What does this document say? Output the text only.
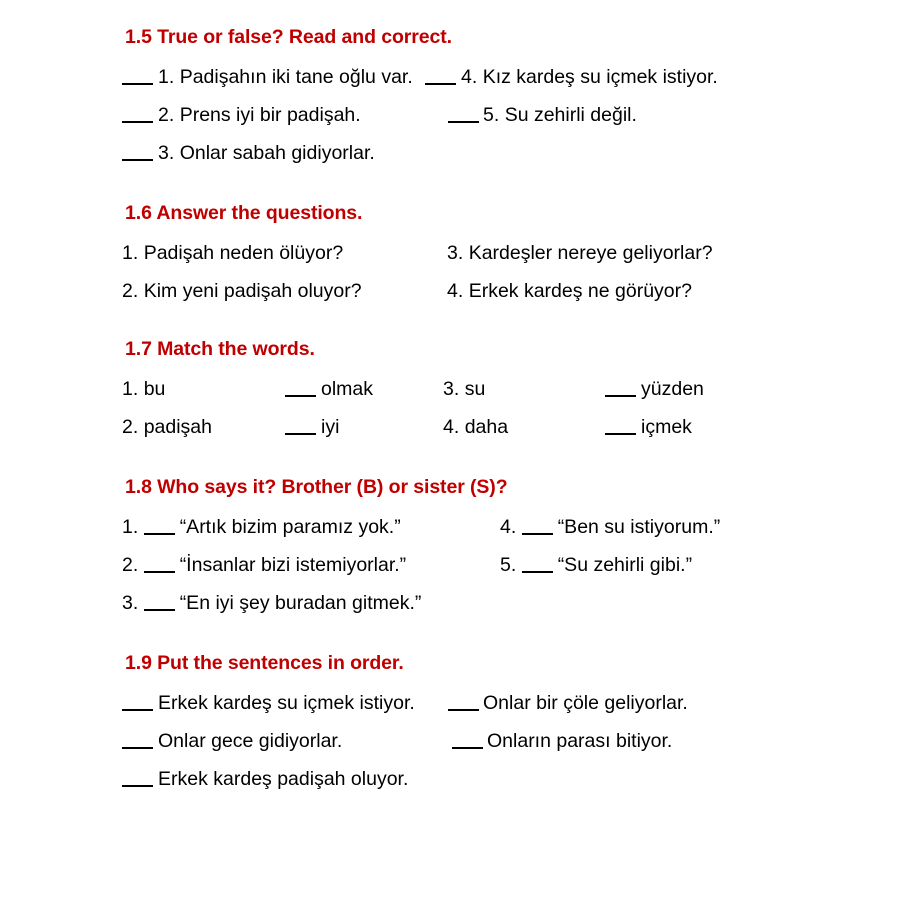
1.5 True or false? Read and correct.
1. Padişahın iki tane oğlu var.	4. Kız kardeş su içmek istiyor.
2. Prens iyi bir padişah.	5. Su zehirli değil.
3. Onlar sabah gidiyorlar.
1.6 Answer the questions.
1. Padişah neden ölüyor?	3. Kardeşler nereye geliyorlar?
2. Kim yeni padişah oluyor?	4. Erkek kardeş ne görüyor?
1.7 Match the words.
1. bu	olmak	3. su	yüzden
2. padişah	iyi	4. daha	içmek
1.8 Who says it? Brother (B) or sister (S)?
1. “Artık bizim paramız yok.”	4. “Ben su istiyorum.”
2. “İnsanlar bizi istemiyorlar.”	5. “Su zehirli gibi.”
3. “En iyi şey buradan gitmek.”
1.9 Put the sentences in order.
Erkek kardeş su içmek istiyor.	Onlar bir çöle geliyorlar.
Onlar gece gidiyorlar.	Onların parası bitiyor.
Erkek kardeş padişah oluyor.
